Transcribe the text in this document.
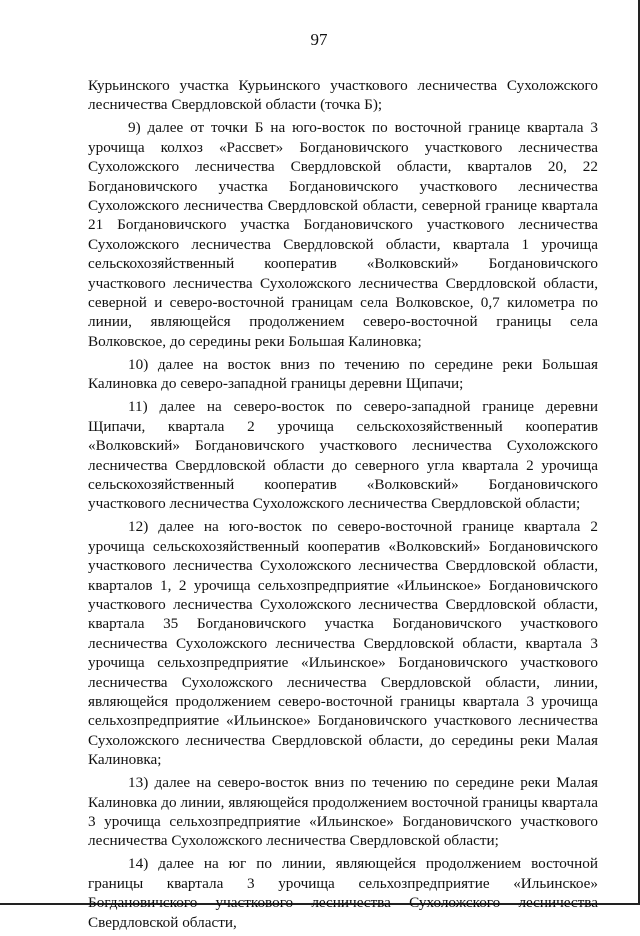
97

Курьинского участка Курьинского участкового лесничества Сухоложского лесничества Свердловской области (точка Б);

9) далее от точки Б на юго-восток по восточной границе квартала 3 урочища колхоз «Рассвет» Богдановичского участкового лесничества Сухоложского лесничества Свердловской области, кварталов 20, 22 Богдановичского участка Богдановичского участкового лесничества Сухоложского лесничества Свердловской области, северной границе квартала 21 Богдановичского участка Богдановичского участкового лесничества Сухоложского лесничества Свердловской области, квартала 1 урочища сельскохозяйственный кооператив «Волковский» Богдановичского участкового лесничества Сухоложского лесничества Свердловской области, северной и северо-восточной границам села Волковское, 0,7 километра по линии, являющейся продолжением северо-восточной границы села Волковское, до середины реки Большая Калиновка;

10) далее на восток вниз по течению по середине реки Большая Калиновка до северо-западной границы деревни Щипачи;

11) далее на северо-восток по северо-западной границе деревни Щипачи, квартала 2 урочища сельскохозяйственный кооператив «Волковский» Богдановичского участкового лесничества Сухоложского лесничества Свердловской области до северного угла квартала 2 урочища сельскохозяйственный кооператив «Волковский» Богдановичского участкового лесничества Сухоложского лесничества Свердловской области;

12) далее на юго-восток по северо-восточной границе квартала 2 урочища сельскохозяйственный кооператив «Волковский» Богдановичского участкового лесничества Сухоложского лесничества Свердловской области, кварталов 1, 2 урочища сельхозпредприятие «Ильинское» Богдановичского участкового лесничества Сухоложского лесничества Свердловской области, квартала 35 Богдановичского участка Богдановичского участкового лесничества Сухоложского лесничества Свердловской области, квартала 3 урочища сельхозпредприятие «Ильинское» Богдановичского участкового лесничества Сухоложского лесничества Свердловской области, линии, являющейся продолжением северо-восточной границы квартала 3 урочища сельхозпредприятие «Ильинское» Богдановичского участкового лесничества Сухоложского лесничества Свердловской области, до середины реки Малая Калиновка;

13) далее на северо-восток вниз по течению по середине реки Малая Калиновка до линии, являющейся продолжением восточной границы квартала 3 урочища сельхозпредприятие «Ильинское» Богдановичского участкового лесничества Сухоложского лесничества Свердловской области;

14) далее на юг по линии, являющейся продолжением восточной границы квартала 3 урочища сельхозпредприятие «Ильинское» Богдановичского участкового лесничества Сухоложского лесничества Свердловской области,
